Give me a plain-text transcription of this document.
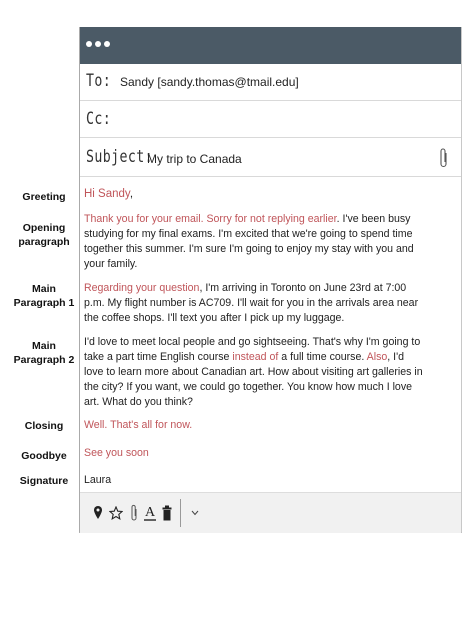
Greeting
Opening
paragraph
Main
Paragraph 1
Main
Paragraph 2
Closing
Goodbye
Signature
To: Sandy [sandy.thomas@tmail.edu]
Cc:
Subject:
My trip to Canada
A
Hi Sandy,
Thank you for your email. Sorry for not replying earlier. I've been busy studying for my final exams. I'm excited that we're going to spend time together this summer. I'm sure I'm going to enjoy my stay with you and your family.
Regarding your question, I'm arriving in Toronto on June 23rd at 7:00 p.m. My flight number is AC709. I'll wait for you in the arrivals area near the coffee shops. I'll text you after I pick up my luggage.
I'd love to meet local people and go sightseeing. That's why I'm going to take a part time English course instead of a full time course. Also, I'd love to learn more about Canadian art. How about visiting art galleries in the city? If you want, we could go together. You know how much I love art. What do you think?
Well. That's all for now.
See you soon
Laura
